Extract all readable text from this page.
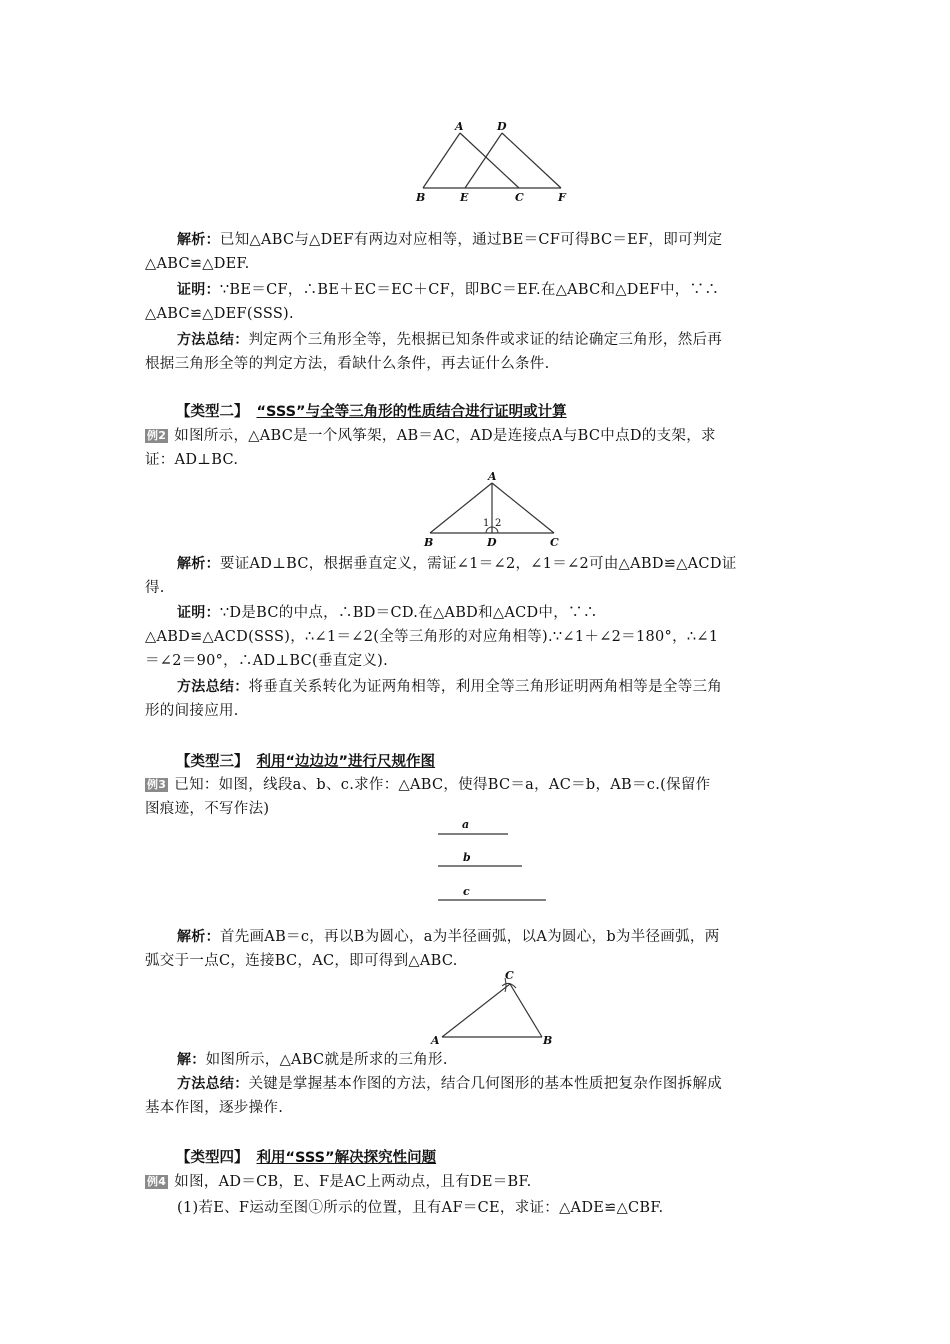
A	D
B	E	C	F

解析：已知△ABC与△DEF有两边对应相等，通过BE＝CF可得BC＝EF，即可判定
△ABC≌△DEF.

证明：∵BE＝CF，∴BE＋EC＝EC＋CF，即BC＝EF.在△ABC和△DEF中，∵∴
△ABC≌△DEF(SSS).

方法总结：判定两个三角形全等，先根据已知条件或求证的结论确定三角形，然后再
根据三角形全等的判定方法，看缺什么条件，再去证什么条件.

【类型二】 “SSS”与全等三角形的性质结合进行证明或计算

例2 如图所示，△ABC是一个风筝架，AB＝AC，AD是连接点A与BC中点D的支架，求
证：AD⊥BC.

A
B	D	C
1 2

解析：要证AD⊥BC，根据垂直定义，需证∠1＝∠2，∠1＝∠2可由△ABD≌△ACD证
得.

证明：∵D是BC的中点，∴BD＝CD.在△ABD和△ACD中，∵∴
△ABD≌△ACD(SSS)，∴∠1＝∠2(全等三角形的对应角相等).∵∠1＋∠2＝180°，∴∠1
＝∠2＝90°，∴AD⊥BC(垂直定义).

方法总结：将垂直关系转化为证两角相等，利用全等三角形证明两角相等是全等三角
形的间接应用.

【类型三】 利用“边边边”进行尺规作图

例3 已知：如图，线段a、b、c.求作：△ABC，使得BC＝a，AC＝b，AB＝c.(保留作
图痕迹，不写作法)

a
b
c

解析：首先画AB＝c，再以B为圆心，a为半径画弧，以A为圆心，b为半径画弧，两
弧交于一点C，连接BC，AC，即可得到△ABC.

C
A	B

解：如图所示，△ABC就是所求的三角形.

方法总结：关键是掌握基本作图的方法，结合几何图形的基本性质把复杂作图拆解成
基本作图，逐步操作.

【类型四】 利用“SSS”解决探究性问题

例4 如图，AD＝CB，E、F是AC上两动点，且有DE＝BF.

(1)若E、F运动至图①所示的位置，且有AF＝CE，求证：△ADE≌△CBF.
